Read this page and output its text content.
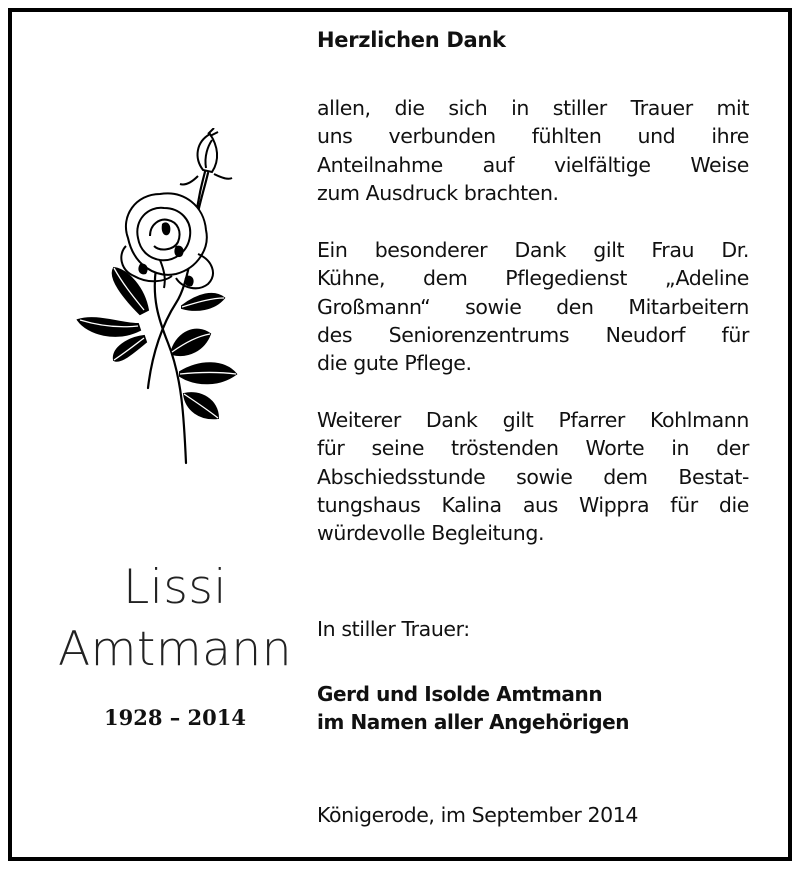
Herzlichen Dank
allen, die sich in stiller Trauer mit
uns verbunden fühlten und ihre
Anteilnahme auf vielfältige Weise
zum Ausdruck brachten.
Ein besonderer Dank gilt Frau Dr.
Kühne, dem Pflegedienst „Adeline
Großmann“ sowie den Mitarbeitern
des Seniorenzentrums Neudorf für
die gute Pflege.
Weiterer Dank gilt Pfarrer Kohlmann
für seine tröstenden Worte in der
Abschiedsstunde sowie dem Bestat-
tungshaus Kalina aus Wippra für die
würdevolle Begleitung.
Lissi
Amtmann
1928 – 2014
In stiller Trauer:
Gerd und Isolde Amtmann
im Namen aller Angehörigen
Königerode, im September 2014
